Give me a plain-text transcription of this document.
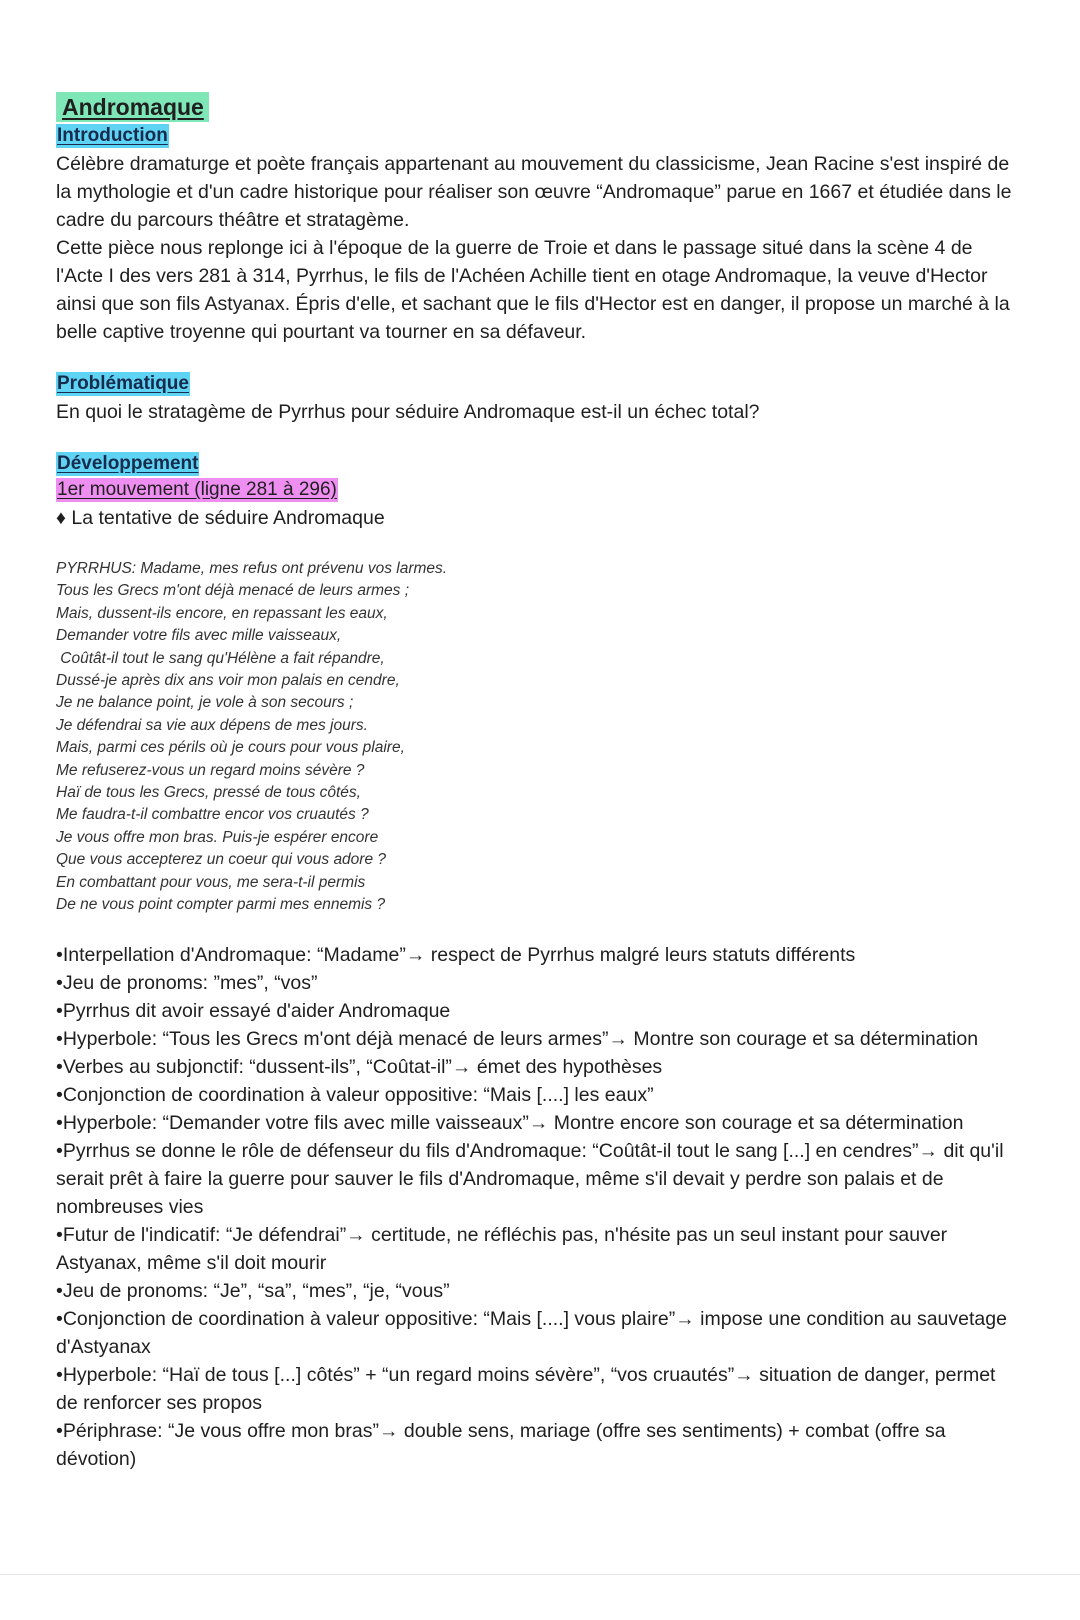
Andromaque
Introduction

Célèbre dramaturge et poète français appartenant au mouvement du classicisme, Jean Racine s'est inspiré de la mythologie et d'un cadre historique pour réaliser son œuvre “Andromaque” parue en 1667 et étudiée dans le cadre du parcours théâtre et stratagème.

Cette pièce nous replonge ici à l'époque de la guerre de Troie et dans le passage situé dans la scène 4 de l'Acte I des vers 281 à 314, Pyrrhus, le fils de l'Achéen Achille tient en otage Andromaque, la veuve d'Hector ainsi que son fils Astyanax. Épris d'elle, et sachant que le fils d'Hector est en danger, il propose un marché à la belle captive troyenne qui pourtant va tourner en sa défaveur.

Problématique

En quoi le stratagème de Pyrrhus pour séduire Andromaque est-il un échec total?

Développement
1er mouvement (ligne 281 à 296)
♦ La tentative de séduire Andromaque
PYRRHUS: Madame, mes refus ont prévenu vos larmes.
Tous les Grecs m'ont déjà menacé de leurs armes ;
Mais, dussent-ils encore, en repassant les eaux,
Demander votre fils avec mille vaisseaux,
Coûtât-il tout le sang qu'Hélène a fait répandre,
Dussé-je après dix ans voir mon palais en cendre,
Je ne balance point, je vole à son secours ;
Je défendrai sa vie aux dépens de mes jours.
Mais, parmi ces périls où je cours pour vous plaire,
Me refuserez-vous un regard moins sévère ?
Haï de tous les Grecs, pressé de tous côtés,
Me faudra-t-il combattre encor vos cruautés ?
Je vous offre mon bras. Puis-je espérer encore
Que vous accepterez un coeur qui vous adore ?
En combattant pour vous, me sera-t-il permis
De ne vous point compter parmi mes ennemis ?
•Interpellation d'Andromaque: “Madame”→ respect de Pyrrhus malgré leurs statuts différents
•Jeu de pronoms: ”mes”, “vos”
•Pyrrhus dit avoir essayé d'aider Andromaque
•Hyperbole: “Tous les Grecs m'ont déjà menacé de leurs armes”→ Montre son courage et sa détermination
•Verbes au subjonctif: “dussent-ils”, “Coûtat-il”→ émet des hypothèses
•Conjonction de coordination à valeur oppositive: “Mais [....] les eaux”
•Hyperbole: “Demander votre fils avec mille vaisseaux”→ Montre encore son courage et sa détermination
•Pyrrhus se donne le rôle de défenseur du fils d'Andromaque: “Coûtât-il tout le sang [...] en cendres”→ dit qu'il serait prêt à faire la guerre pour sauver le fils d'Andromaque, même s'il devait y perdre son palais et de nombreuses vies
•Futur de l'indicatif: “Je défendrai”→ certitude, ne réfléchis pas, n'hésite pas un seul instant pour sauver Astyanax, même s'il doit mourir
•Jeu de pronoms: “Je”, “sa”, “mes”, “je, “vous”
•Conjonction de coordination à valeur oppositive: “Mais [....] vous plaire”→ impose une condition au sauvetage d'Astyanax
•Hyperbole: “Haï de tous [...] côtés” + “un regard moins sévère”, “vos cruautés”→ situation de danger, permet de renforcer ses propos
•Périphrase: “Je vous offre mon bras”→ double sens, mariage (offre ses sentiments) + combat (offre sa dévotion)
